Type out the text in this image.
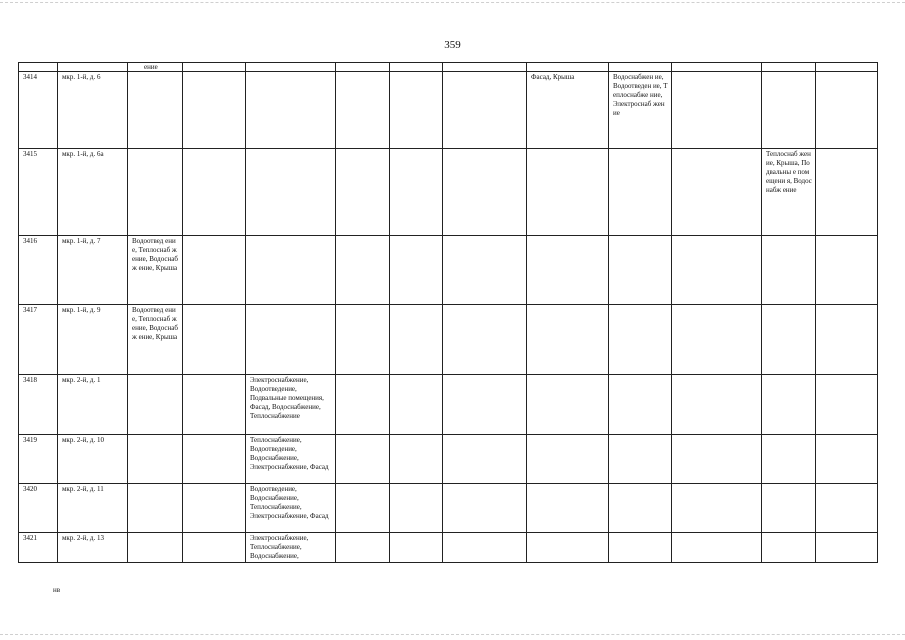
359
		ение										
3414	мкр. 1-й, д. 6							Фасад, Крыша	Водоснабжен ие, Водоотведен ие, Теплоснабже ние, Электроснаб жение			
3415	мкр. 1-й, д. 6а										Теплоснаб жение, Крыша, Подвальны е помещени я, Водоснабж ение	
3416	мкр. 1-й, д. 7	Водоотвед ение, Теплоснаб жение, Водоснабж ение, Крыша										
3417	мкр. 1-й, д. 9	Водоотвед ение, Теплоснаб жение, Водоснабж ение, Крыша										
3418	мкр. 2-й, д. 1			Электроснабжение, Водоотведение, Подвальные помещения, Фасад, Водоснабжение, Теплоснабжение								
3419	мкр. 2-й, д. 10			Теплоснабжение, Водоотведение, Водоснабжение, Электроснабжение, Фасад								
3420	мкр. 2-й, д. 11			Водоотведение, Водоснабжение, Теплоснабжение, Электроснабжение, Фасад								
3421	мкр. 2-й, д. 13			Электроснабжение, Теплоснабжение, Водоснабжение,								
нв
